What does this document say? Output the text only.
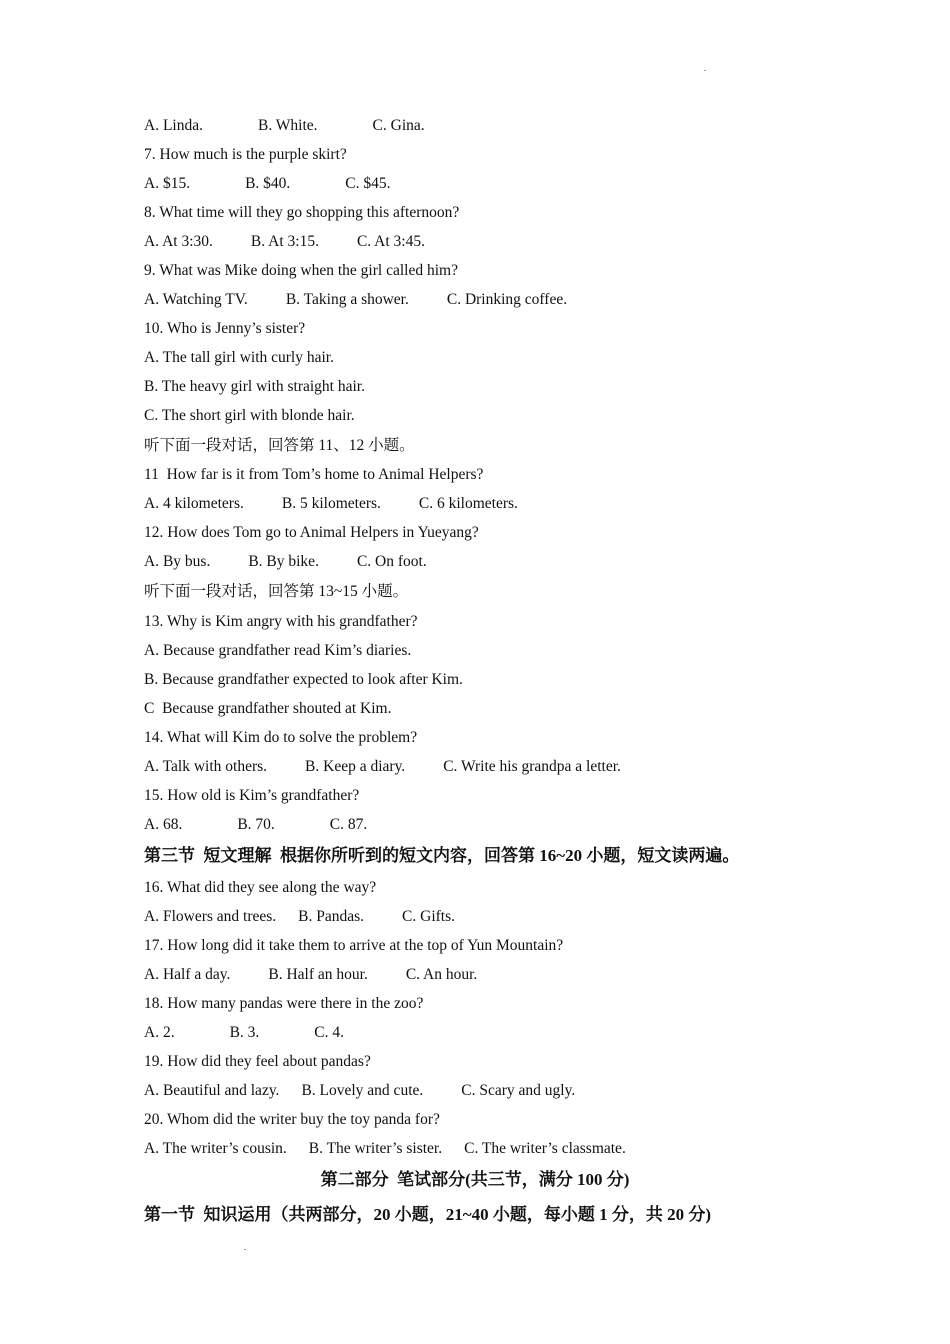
A. Linda.	B. White.	C. Gina.
7. How much is the purple skirt?
A. $15.	B. $40.	C. $45.
8. What time will they go shopping this afternoon?
A. At 3:30. B. At 3:15. C. At 3:45.
9. What was Mike doing when the girl called him?
A. Watching TV. B. Taking a shower. C. Drinking coffee.
10. Who is Jenny’s sister?
A. The tall girl with curly hair.
B. The heavy girl with straight hair.
C. The short girl with blonde hair.
听下面一段对话，回答第 11、12 小题。
11  How far is it from Tom’s home to Animal Helpers?
A. 4 kilometers. B. 5 kilometers. C. 6 kilometers.
12. How does Tom go to Animal Helpers in Yueyang?
A. By bus. B. By bike. C. On foot.
听下面一段对话，回答第 13~15 小题。
13. Why is Kim angry with his grandfather?
A. Because grandfather read Kim’s diaries.
B. Because grandfather expected to look after Kim.
C  Because grandfather shouted at Kim.
14. What will Kim do to solve the problem?
A. Talk with others. B. Keep a diary. C. Write his grandpa a letter.
15. How old is Kim’s grandfather?
A. 68.	B. 70.	C. 87.
第三节  短文理解  根据你所听到的短文内容，回答第 16~20 小题，短文读两遍。
16. What did they see along the way?
A. Flowers and trees. B. Pandas. C. Gifts.
17. How long did it take them to arrive at the top of Yun Mountain?
A. Half a day. B. Half an hour. C. An hour.
18. How many pandas were there in the zoo?
A. 2.	B. 3.	C. 4.
19. How did they feel about pandas?
A. Beautiful and lazy. B. Lovely and cute. C. Scary and ugly.
20. Whom did the writer buy the toy panda for?
A. The writer’s cousin. B. The writer’s sister. C. The writer’s classmate.
第二部分  笔试部分(共三节，满分 100 分)
第一节  知识运用（共两部分，20 小题，21~40 小题，每小题 1 分，共 20 分)
